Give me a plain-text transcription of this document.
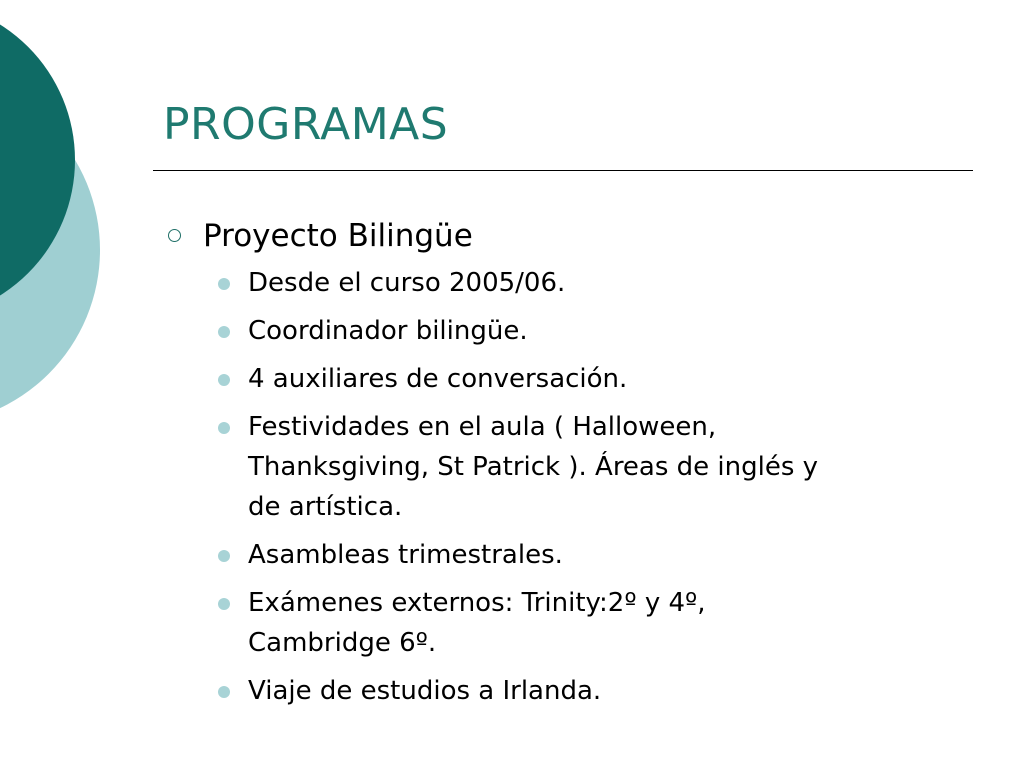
PROGRAMAS
Proyecto Bilingüe
Desde el curso 2005/06.
Coordinador bilingüe.
4 auxiliares de conversación.
Festividades en el aula ( Halloween,
Thanksgiving, St Patrick ). Áreas de inglés y
de artística.
Asambleas trimestrales.
Exámenes externos: Trinity:2º y 4º,
Cambridge 6º.
Viaje de estudios a Irlanda.
